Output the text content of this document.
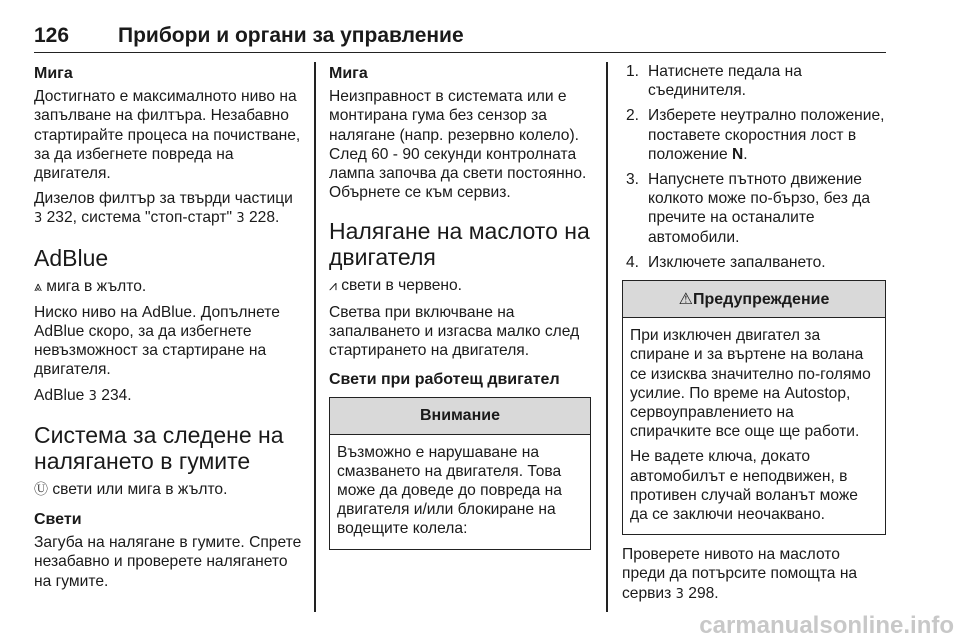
126 Прибори и органи за управление
Мига

Достигнато е максималното ниво на запълване на филтъра. Незабавно стартирайте процеса на почистване, за да избегнете повреда на двигателя.

Дизелов филтър за твърди частици
3 232, система "стоп-старт" 3 228.

AdBlue

⩓ мига в жълто.

Ниско ниво на AdBlue. Допълнете AdBlue скоро, за да избегнете невъзможност за стартиране на двигателя.

AdBlue 3 234.

Система за следене на налягането в гумите

Ⓤ свети или мига в жълто.

Свети

Загуба на налягане в гумите. Спрете незабавно и проверете налягането на гумите.

Мига

Неизправност в системата или е монтирана гума без сензор за налягане (напр. резервно колело). След 60 - 90 секунди контролната лампа започва да свети постоянно. Обърнете се към сервиз.

Налягане на маслото на двигателя

⩘ свети в червено.

Светва при включване на запалването и изгасва малко след стартирането на двигателя.

Свети при работещ двигател
Внимание

Възможно е нарушаване на смазването на двигателя. Това може да доведе до повреда на двигателя и/или блокиране на водещите колела:

1. Натиснете педала на съединителя.
2. Изберете неутрално положение, поставете скоростния лост в положение N.
3. Напуснете пътното движение колкото може по-бързо, без да пречите на останалите автомобили.
4. Изключете запалването.
⚠Предупреждение

При изключен двигател за спиране и за въртене на волана се изисква значително по-голямо усилие. По време на Autostop, сервоуправлението на спирачките все още ще работи.

Не вадете ключа, докато автомобилът е неподвижен, в противен случай воланът може да се заключи неочаквано.

Проверете нивото на маслото преди да потърсите помощта на сервиз 3 298.

carmanualsonline.info
